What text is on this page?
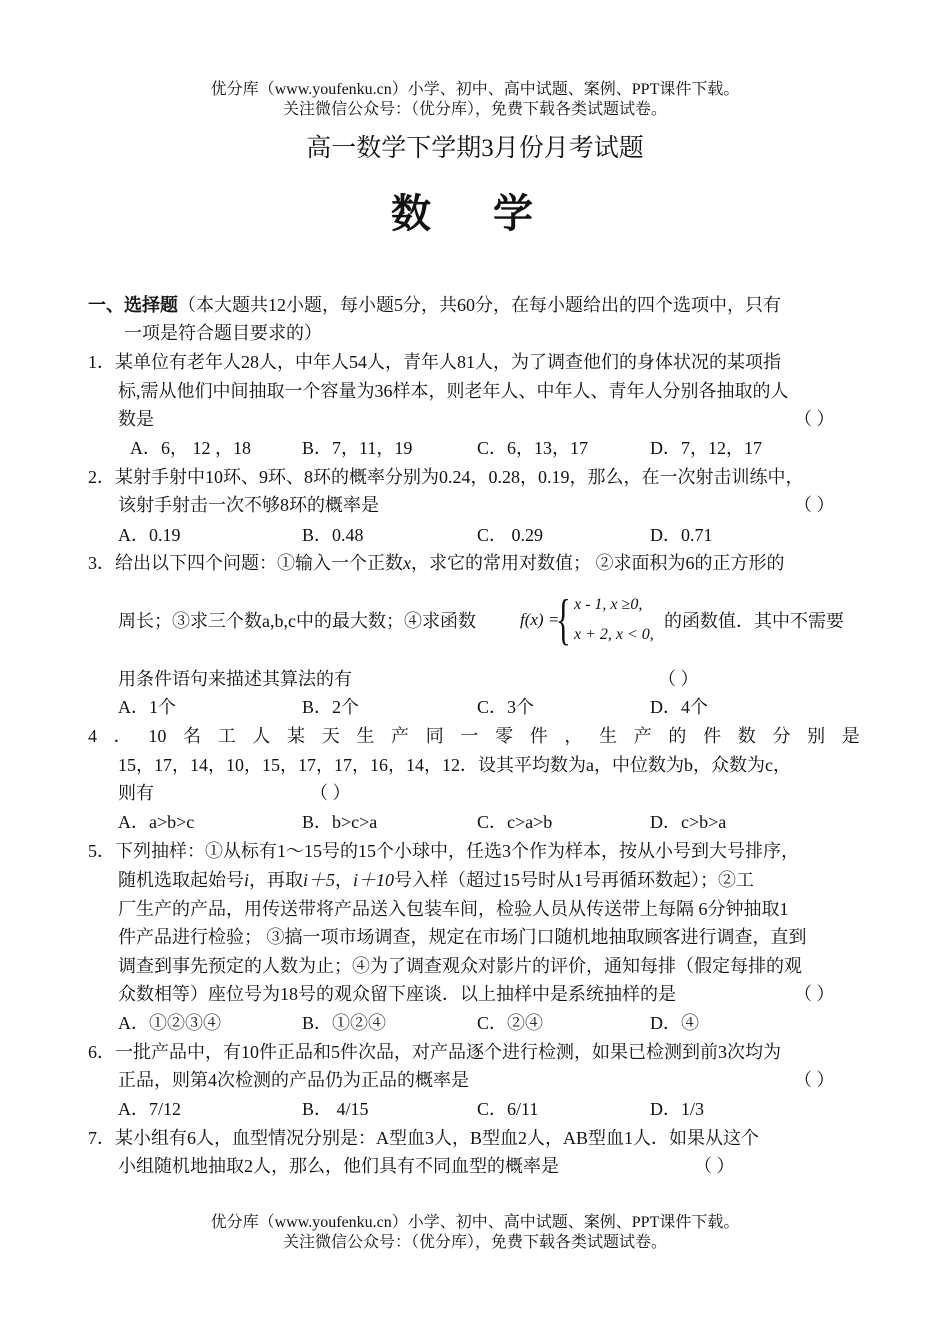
优分库（www.youfenku.cn）小学、初中、高中试题、案例、PPT课件下载。
关注微信公众号：（优分库），免费下载各类试题试卷。
高一数学下学期3月份月考试题
数 学
一、选择题（本大题共12小题，每小题5分，共60分，在每小题给出的四个选项中，只有
一项是符合题目要求的）
1．某单位有老年人28人，中年人54人，青年人81人，为了调查他们的身体状况的某项指
标,需从他们中间抽取一个容量为36样本，则老年人、中年人、青年人分别各抽取的人
数是	（ ）
A．6， 12 ，18	B．7，11，19	C．6，13，17	D．7，12，17
2．某射手射中10环、9环、8环的概率分别为0.24，0.28，0.19，那么，在一次射击训练中，
该射手射击一次不够8环的概率是	（ ）
A．0.19	B．0.48	C． 0.29	D．0.71
3．给出以下四个问题：①输入一个正数x，求它的常用对数值； ②求面积为6的正方形的
周长；③求三个数a,b,c中的最大数；④求函数	f(x) =
{ x - 1, x ≥0,
x + 2, x < 0,
的函数值．其中不需要
用条件语句来描述其算法的有	（ ）
A．1个	B．2个	C．3个	D．4个
4 ． 10 名 工 人 某 天 生 产 同 一 零 件 ， 生 产 的 件 数 分 别 是
15，17，14，10，15，17，17，16，14，12．设其平均数为a，中位数为b，众数为c，
则有	（ ）
A．a>b>c	B．b>c>a	C．c>a>b	D．c>b>a
5．下列抽样：①从标有1～15号的15个小球中，任选3个作为样本，按从小号到大号排序，
随机选取起始号i，再取i＋5，i＋10号入样（超过15号时从1号再循环数起）；②工
厂生产的产品，用传送带将产品送入包装车间，检验人员从传送带上每隔 6分钟抽取1
件产品进行检验； ③搞一项市场调查，规定在市场门口随机地抽取顾客进行调查，直到
调查到事先预定的人数为止；④为了调查观众对影片的评价，通知每排（假定每排的观
众数相等）座位号为18号的观众留下座谈．以上抽样中是系统抽样的是	（ ）
A．①②③④	B．①②④	C．②④	D．④
6．一批产品中，有10件正品和5件次品，对产品逐个进行检测，如果已检测到前3次均为
正品，则第4次检测的产品仍为正品的概率是	（ ）
A．7/12	B． 4/15	C．6/11	D．1/3
7．某小组有6人，血型情况分别是：A型血3人，B型血2人，AB型血1人．如果从这个
小组随机地抽取2人，那么，他们具有不同血型的概率是	（ ）
优分库（www.youfenku.cn）小学、初中、高中试题、案例、PPT课件下载。
关注微信公众号：（优分库），免费下载各类试题试卷。
